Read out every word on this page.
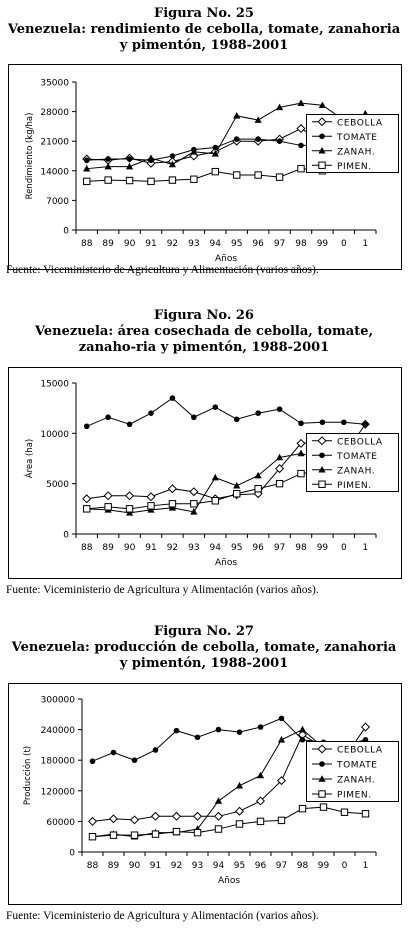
Figura No. 25
Venezuela: rendimiento de cebolla, tomate, zanahoria y pimentón, 1988-2001
0
7000
14000
21000
28000
35000
88 89 90 91 92 93 94 95 96 97 98 99 0 1
Años
Rendimiento (kg/ha)	CEBOLLA
TOMATE
ZANAH.
PIMEN.
Fuente: Viceministerio de Agricultura y Alimentación (varios años).
Figura No. 26
Venezuela: área cosechada de cebolla, tomate, zanaho-ria y pimentón, 1988-2001
0
5000
10000
15000
88 89 90 91 92 93 94 95 96 97 98 99 0 1
Años
Área (ha)	CEBOLLA
TOMATE
ZANAH.
PIMEN.
Fuente: Viceministerio de Agricultura y Alimentación (varios años).
Figura No. 27
Venezuela: producción de cebolla, tomate, zanahoria y pimentón, 1988-2001
0
60000
120000
180000
240000
300000
88 89 90 91 92 93 94 95 96 97 98 99 0 1
Años
Producción (t)	CEBOLLA
TOMATE
ZANAH.
PIMEN.
Fuente: Viceministerio de Agricultura y Alimentación (varios años).
